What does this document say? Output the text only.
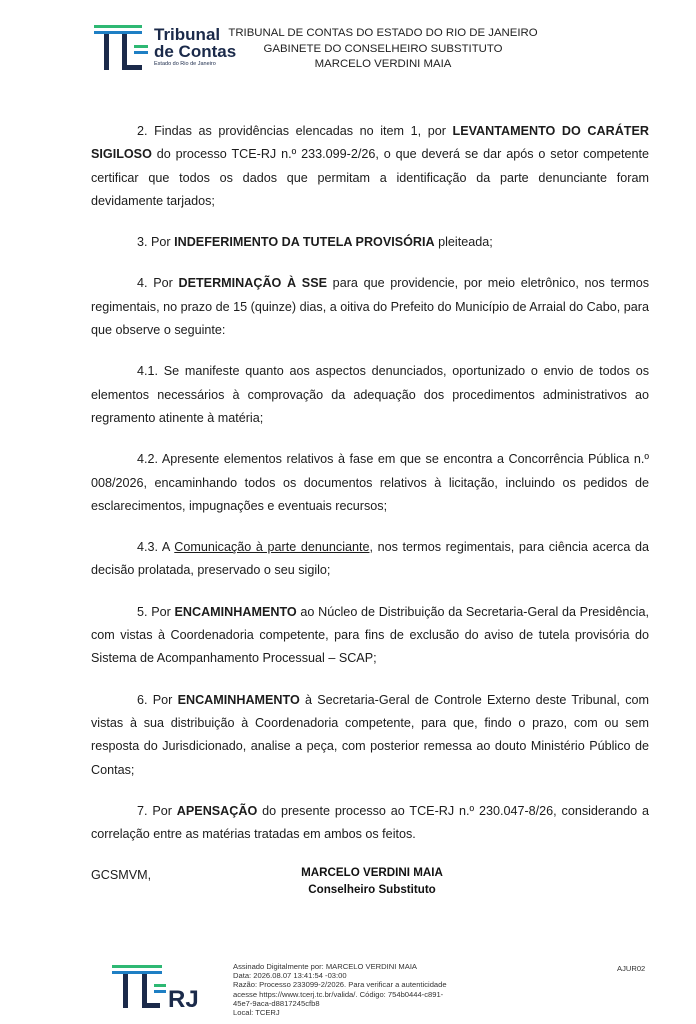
Tribunal
de Contas
Estado do Rio de Janeiro
TRIBUNAL DE CONTAS DO ESTADO DO RIO DE JANEIRO
GABINETE DO CONSELHEIRO SUBSTITUTO
MARCELO VERDINI MAIA

2. Findas as providências elencadas no item 1, por LEVANTAMENTO DO CARÁTER SIGILOSO do processo TCE-RJ n.º 233.099-2/26, o que deverá se dar após o setor competente certificar que todos os dados que permitam a identificação da parte denunciante foram devidamente tarjados;

3. Por INDEFERIMENTO DA TUTELA PROVISÓRIA pleiteada;

4. Por DETERMINAÇÃO À SSE para que providencie, por meio eletrônico, nos termos regimentais, no prazo de 15 (quinze) dias, a oitiva do Prefeito do Município de Arraial do Cabo, para que observe o seguinte:

4.1. Se manifeste quanto aos aspectos denunciados, oportunizado o envio de todos os elementos necessários à comprovação da adequação dos procedimentos administrativos ao regramento atinente à matéria;

4.2. Apresente elementos relativos à fase em que se encontra a Concorrência Pública n.º 008/2026, encaminhando todos os documentos relativos à licitação, incluindo os pedidos de esclarecimentos, impugnações e eventuais recursos;

4.3. A Comunicação à parte denunciante, nos termos regimentais, para ciência acerca da decisão prolatada, preservado o seu sigilo;

5. Por ENCAMINHAMENTO ao Núcleo de Distribuição da Secretaria-Geral da Presidência, com vistas à Coordenadoria competente, para fins de exclusão do aviso de tutela provisória do Sistema de Acompanhamento Processual – SCAP;

6. Por ENCAMINHAMENTO à Secretaria-Geral de Controle Externo deste Tribunal, com vistas à sua distribuição à Coordenadoria competente, para que, findo o prazo, com ou sem resposta do Jurisdicionado, analise a peça, com posterior remessa ao douto Ministério Público de Contas;

7. Por APENSAÇÃO do presente processo ao TCE-RJ n.º 230.047-8/26, considerando a correlação entre as matérias tratadas em ambos os feitos.

GCSMVM,	MARCELO VERDINI MAIA
Conselheiro Substituto
RJ
Assinado Digitalmente por: MARCELO VERDINI MAIA
Data: 2026.08.07 13:41:54 -03:00
Razão: Processo 233099-2/2026. Para verificar a autenticidade
acesse https://www.tcerj.tc.br/valida/. Código: 754b0444-c891-
45e7-9aca-d8817245cfb8
Local: TCERJ
AJUR02
